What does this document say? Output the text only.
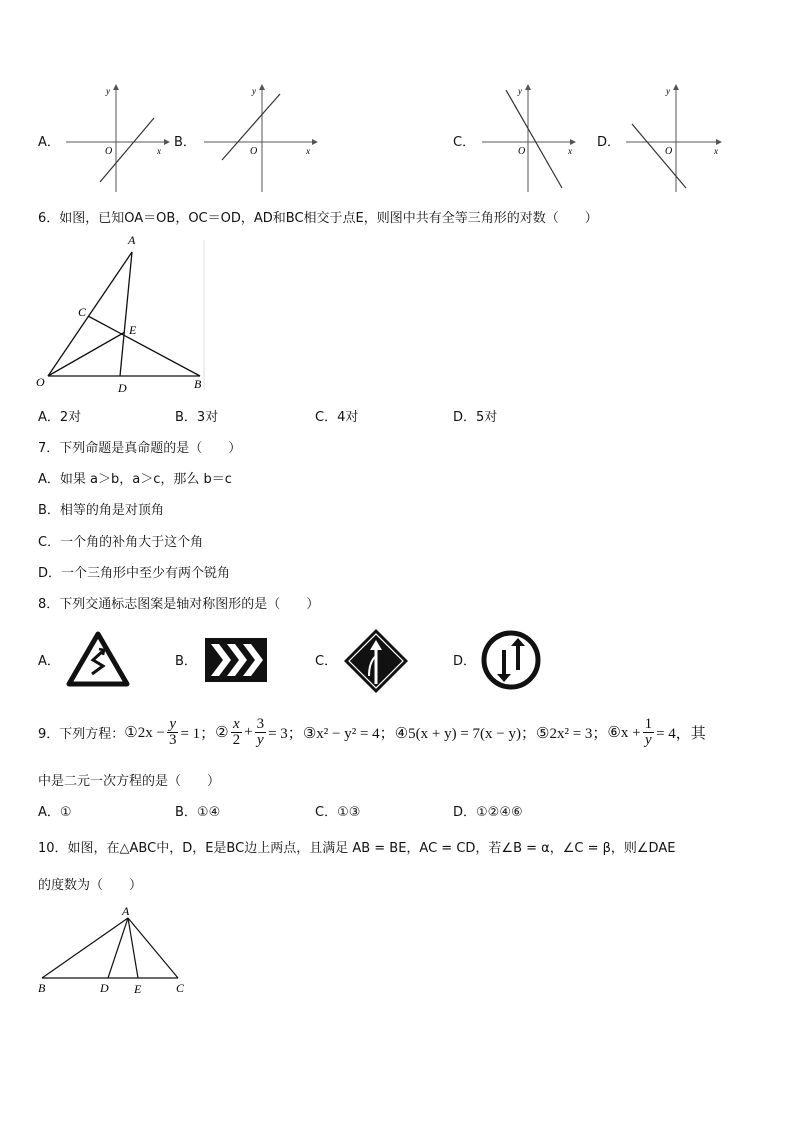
A．
y
x
O
B．
y
x
O
C．
y
x
O
D．
y
x
O
6．如图，已知OA＝OB，OC＝OD，AD和BC相交于点E，则图中共有全等三角形的对数（　　）
A
C
E
O	D	B
A．2对	B．3对	C．4对	D．5对
7．下列命题是真命题的是（　　）
A．如果 a＞b，a＞c，那么 b＝c
B．相等的角是对顶角
C．一个角的补角大于这个角
D．一个三角形中至少有两个锐角
8．下列交通标志图案是轴对称图形的是（　　）
A．	B．	C．	D．
9．下列方程： ①2x − $\frac{y}{3} = 1$； ② $\frac{x}{2} + \frac{3}{y} = 3$； ③x² − y² = 4； ④5(x + y) = 7(x − y)； ⑤2x² = 3； ⑥x + $\frac{1}{y} = 4$，其
中是二元一次方程的是（　　）
A．①	B．①④	C．①③	D．①②④⑥
10．如图，在△ABC中，D，E是BC边上两点，且满足 AB = BE，AC = CD，若∠B = α，∠C = β，则∠DAE
的度数为（　　）
A
B	D E	C
